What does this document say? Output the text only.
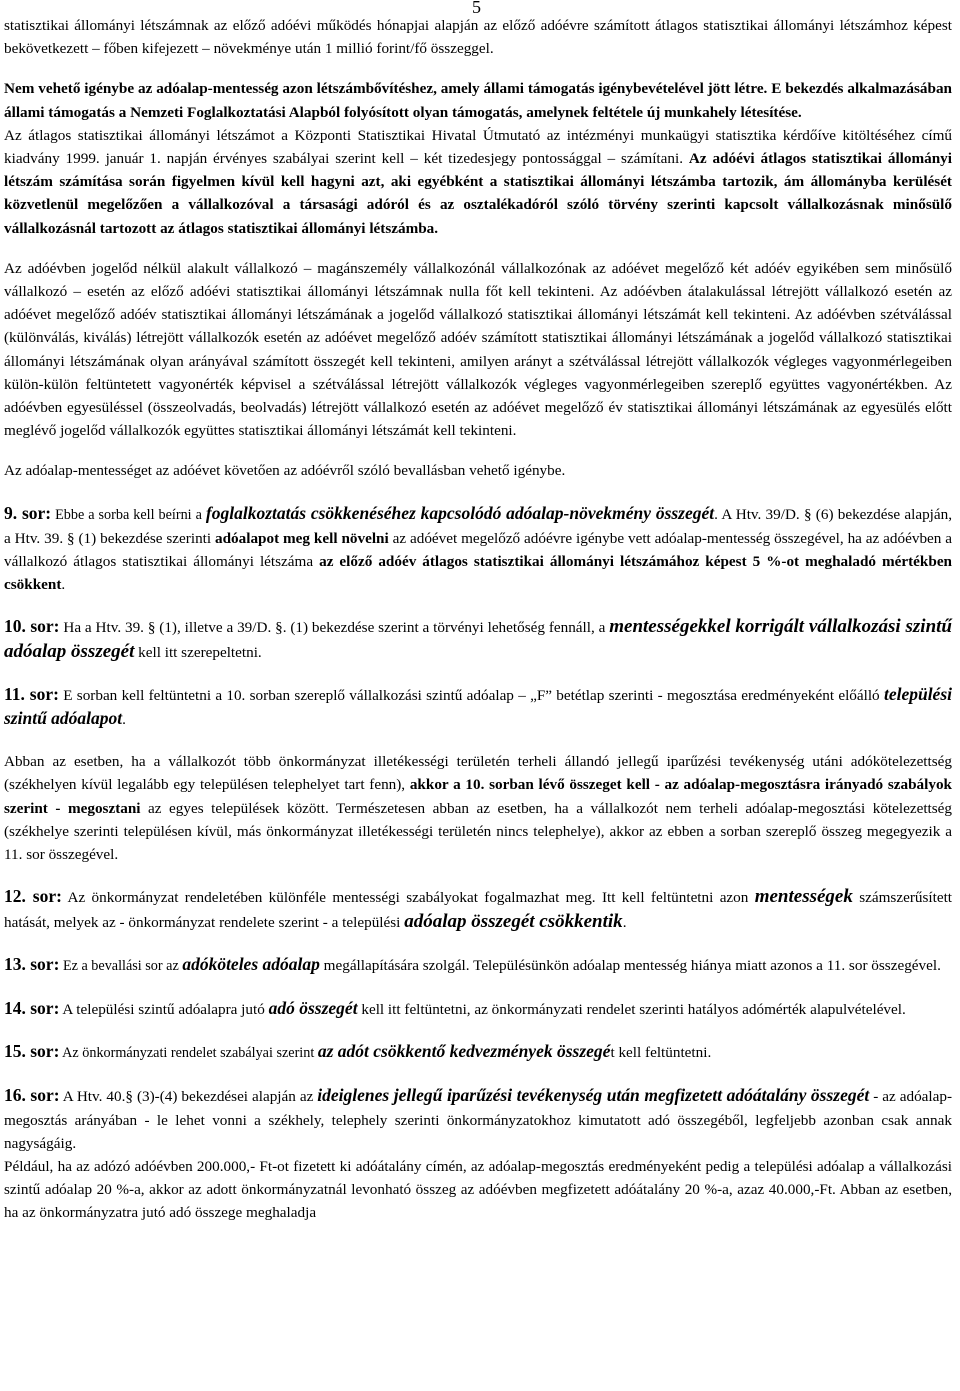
5

statisztikai állományi létszámnak az előző adóévi működés hónapjai alapján az előző adóévre számított átlagos statisztikai állományi létszámhoz képest bekövetkezett – főben kifejezett – növekménye után 1 millió forint/fő összeggel.

Nem vehető igénybe az adóalap-mentesség azon létszámbővítéshez, amely állami támogatás igénybevételével jött létre. E bekezdés alkalmazásában állami támogatás a Nemzeti Foglalkoztatási Alapból folyósított olyan támogatás, amelynek feltétele új munkahely létesítése.

Az átlagos statisztikai állományi létszámot a Központi Statisztikai Hivatal Útmutató az intézményi munkaügyi statisztika kérdőíve kitöltéséhez című kiadvány 1999. január 1. napján érvényes szabályai szerint kell – két tizedesjegy pontossággal – számítani. Az adóévi átlagos statisztikai állományi létszám számítása során figyelmen kívül kell hagyni azt, aki egyébként a statisztikai állományi létszámba tartozik, ám állományba kerülését közvetlenül megelőzően a vállalkozóval a társasági adóról és az osztalékadóról szóló törvény szerinti kapcsolt vállalkozásnak minősülő vállalkozásnál tartozott az átlagos statisztikai állományi létszámba.

Az adóévben jogelőd nélkül alakult vállalkozó – magánszemély vállalkozónál vállalkozónak az adóévet megelőző két adóév egyikében sem minősülő vállalkozó – esetén az előző adóévi statisztikai állományi létszámnak nulla főt kell tekinteni. Az adóévben átalakulással létrejött vállalkozó esetén az adóévet megelőző adóév statisztikai állományi létszámának a jogelőd vállalkozó statisztikai állományi létszámát kell tekinteni. Az adóévben szétválással (különválás, kiválás) létrejött vállalkozók esetén az adóévet megelőző adóév számított statisztikai állományi létszámának a jogelőd vállalkozó statisztikai állományi létszámának olyan arányával számított összegét kell tekinteni, amilyen arányt a szétválással létrejött vállalkozók végleges vagyonmérlegeiben külön-külön feltüntetett vagyonérték képvisel a szétválással létrejött vállalkozók végleges vagyonmérlegeiben szereplő együttes vagyonértékben. Az adóévben egyesüléssel (összeolvadás, beolvadás) létrejött vállalkozó esetén az adóévet megelőző év statisztikai állományi létszámának az egyesülés előtt meglévő jogelőd vállalkozók együttes statisztikai állományi létszámát kell tekinteni.

Az adóalap-mentességet az adóévet követően az adóévről szóló bevallásban vehető igénybe.

9. sor: Ebbe a sorba kell beírni a foglalkoztatás csökkenéséhez kapcsolódó adóalap-növekmény összegét. A Htv. 39/D. § (6) bekezdése alapján, a Htv. 39. § (1) bekezdése szerinti adóalapot meg kell növelni az adóévet megelőző adóévre igénybe vett adóalap-mentesség összegével, ha az adóévben a vállalkozó átlagos statisztikai állományi létszáma az előző adóév átlagos statisztikai állományi létszámához képest 5 %-ot meghaladó mértékben csökkent.

10. sor: Ha a Htv. 39. § (1), illetve a 39/D. §. (1) bekezdése szerint a törvényi lehetőség fennáll, a mentességekkel korrigált vállalkozási szintű adóalap összegét kell itt szerepeltetni.

11. sor: E sorban kell feltüntetni a 10. sorban szereplő vállalkozási szintű adóalap – „F” betétlap szerinti - megosztása eredményeként előálló települési szintű adóalapot.

Abban az esetben, ha a vállalkozót több önkormányzat illetékességi területén terheli állandó jellegű iparűzési tevékenység utáni adókötelezettség (székhelyen kívül legalább egy településen telephelyet tart fenn), akkor a 10. sorban lévő összeget kell - az adóalap-megosztásra irányadó szabályok szerint - megosztani az egyes települések között. Természetesen abban az esetben, ha a vállalkozót nem terheli adóalap-megosztási kötelezettség (székhelye szerinti településen kívül, más önkormányzat illetékességi területén nincs telephelye), akkor az ebben a sorban szereplő összeg megegyezik a 11. sor összegével.

12. sor: Az önkormányzat rendeletében különféle mentességi szabályokat fogalmazhat meg. Itt kell feltüntetni azon mentességek számszerűsített hatását, melyek az - önkormányzat rendelete szerint - a települési adóalap összegét csökkentik.

13. sor: Ez a bevallási sor az adóköteles adóalap megállapítására szolgál. Településünkön adóalap mentesség hiánya miatt azonos a 11. sor összegével.

14. sor: A települési szintű adóalapra jutó adó összegét kell itt feltüntetni, az önkormányzati rendelet szerinti hatályos adómérték alapulvételével.

15. sor: Az önkormányzati rendelet szabályai szerint az adót csökkentő kedvezmények összegét kell feltüntetni.

16. sor: A Htv. 40.§ (3)-(4) bekezdései alapján az ideiglenes jellegű iparűzési tevékenység után megfizetett adóátalány összegét - az adóalap-megosztás arányában - le lehet vonni a székhely, telephely szerinti önkormányzatokhoz kimutatott adó összegéből, legfeljebb azonban csak annak nagyságáig.

Például, ha az adózó adóévben 200.000,- Ft-ot fizetett ki adóátalány címén, az adóalap-megosztás eredményeként pedig a települési adóalap a vállalkozási szintű adóalap 20 %-a, akkor az adott önkormányzatnál levonható összeg az adóévben megfizetett adóátalány 20 %-a, azaz 40.000,-Ft. Abban az esetben, ha az önkormányzatra jutó adó összege meghaladja
